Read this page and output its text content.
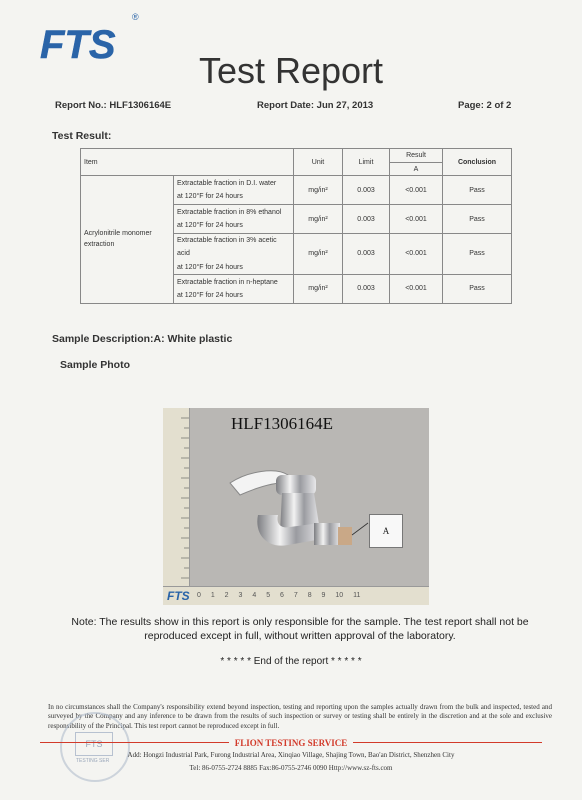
FTS
®
Test Report
Report No.: HLF1306164E	Report Date: Jun 27, 2013	Page: 2 of 2
Test Result:
Item		Unit	Limit	Result	Conclusion
				A	
Acrylonitrile monomer extraction	Extractable fraction in D.I. water
at 120°F for 24 hours	mg/in²	0.003	<0.001	Pass

	Extractable fraction in 8% ethanol
at 120°F for 24 hours	mg/in²	0.003	<0.001	Pass

	Extractable fraction in 3% acetic acid
at 120°F for 24 hours	mg/in²	0.003	<0.001	Pass

	Extractable fraction in n-heptane
at 120°F for 24 hours	mg/in²	0.003	<0.001	Pass
Sample Description:A: White plastic
Sample Photo
HLF1306164E
A
FTS 0 1 2 3 4 5 6 7 8 9 10 11
Note: The results show in this report is only responsible for the sample. The test report shall not be reproduced except in full, without written approval of the laboratory.
* * * * * End of the report * * * * *
In no circumstances shall the Company's responsibility extend beyond inspection, testing and reporting upon the samples actually drawn from the bulk and inspected, tested and surveyed by the Company and any inference to be drawn from the results of such inspection or survey or testing shall be entirely in the discretion and at the sole and exclusive responsibility of the Principal. This test report cannot be reproduced except in full.
FTS
TESTING SER
FLION TESTING SERVICE
Add: Hongzi Industrial Park, Furong Industrial Area, Xinqiao Village, Shajing Town, Bao'an District, Shenzhen City
Tel: 86-0755-2724 8885 Fax:86-0755-2746 0090 Http://www.sz-fts.com
